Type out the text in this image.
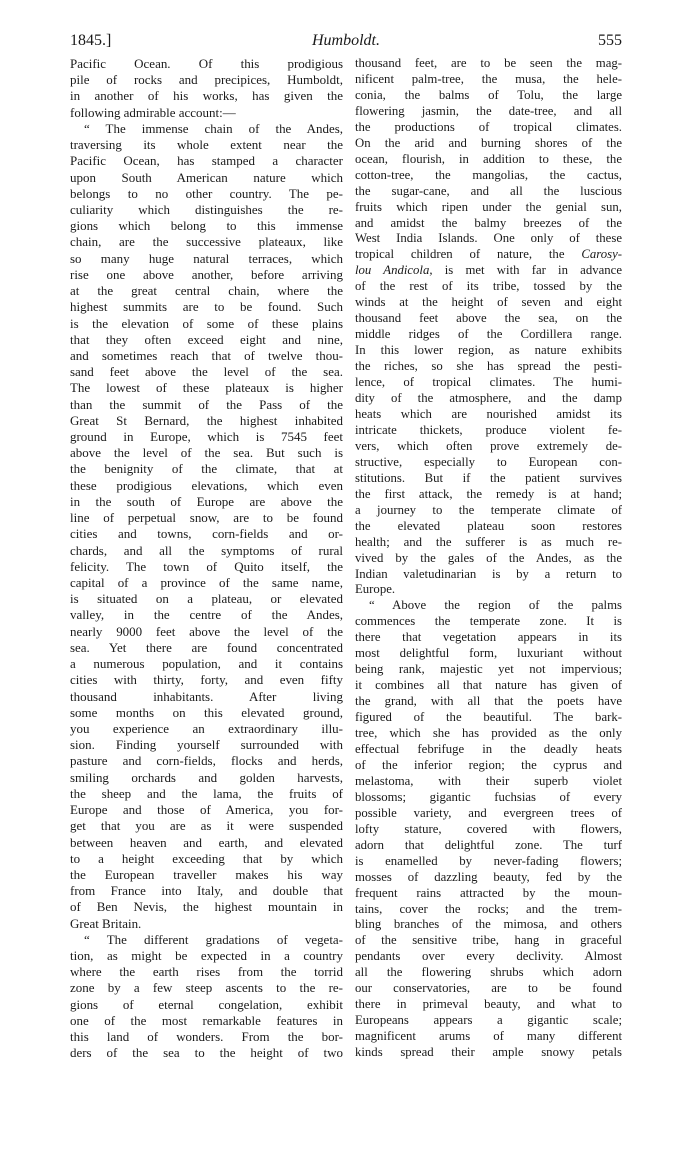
1845.]	Humboldt.	555
Pacific Ocean. Of this prodigious
pile of rocks and precipices, Humboldt,
in another of his works, has given the
following admirable account:—
“ The immense chain of the Andes,
traversing its whole extent near the
Pacific Ocean, has stamped a character
upon South American nature which
belongs to no other country. The pe-
culiarity which distinguishes the re-
gions which belong to this immense
chain, are the successive plateaux, like
so many huge natural terraces, which
rise one above another, before arriving
at the great central chain, where the
highest summits are to be found. Such
is the elevation of some of these plains
that they often exceed eight and nine,
and sometimes reach that of twelve thou-
sand feet above the level of the sea.
The lowest of these plateaux is higher
than the summit of the Pass of the
Great St Bernard, the highest inhabited
ground in Europe, which is 7545 feet
above the level of the sea. But such is
the benignity of the climate, that at
these prodigious elevations, which even
in the south of Europe are above the
line of perpetual snow, are to be found
cities and towns, corn-fields and or-
chards, and all the symptoms of rural
felicity. The town of Quito itself, the
capital of a province of the same name,
is situated on a plateau, or elevated
valley, in the centre of the Andes,
nearly 9000 feet above the level of the
sea. Yet there are found concentrated
a numerous population, and it contains
cities with thirty, forty, and even fifty
thousand inhabitants. After living
some months on this elevated ground,
you experience an extraordinary illu-
sion. Finding yourself surrounded with
pasture and corn-fields, flocks and herds,
smiling orchards and golden harvests,
the sheep and the lama, the fruits of
Europe and those of America, you for-
get that you are as it were suspended
between heaven and earth, and elevated
to a height exceeding that by which
the European traveller makes his way
from France into Italy, and double that
of Ben Nevis, the highest mountain in
Great Britain.
“ The different gradations of vegeta-
tion, as might be expected in a country
where the earth rises from the torrid
zone by a few steep ascents to the re-
gions of eternal congelation, exhibit
one of the most remarkable features in
this land of wonders. From the bor-
ders of the sea to the height of two
thousand feet, are to be seen the mag-
nificent palm-tree, the musa, the hele-
conia, the balms of Tolu, the large
flowering jasmin, the date-tree, and all
the productions of tropical climates.
On the arid and burning shores of the
ocean, flourish, in addition to these, the
cotton-tree, the mangolias, the cactus,
the sugar-cane, and all the luscious
fruits which ripen under the genial sun,
and amidst the balmy breezes of the
West India Islands. One only of these
tropical children of nature, the Carosy-
lou Andicola, is met with far in advance
of the rest of its tribe, tossed by the
winds at the height of seven and eight
thousand feet above the sea, on the
middle ridges of the Cordillera range.
In this lower region, as nature exhibits
the riches, so she has spread the pesti-
lence, of tropical climates. The humi-
dity of the atmosphere, and the damp
heats which are nourished amidst its
intricate thickets, produce violent fe-
vers, which often prove extremely de-
structive, especially to European con-
stitutions. But if the patient survives
the first attack, the remedy is at hand;
a journey to the temperate climate of
the elevated plateau soon restores
health; and the sufferer is as much re-
vived by the gales of the Andes, as the
Indian valetudinarian is by a return to
Europe.
“ Above the region of the palms
commences the temperate zone. It is
there that vegetation appears in its
most delightful form, luxuriant without
being rank, majestic yet not impervious;
it combines all that nature has given of
the grand, with all that the poets have
figured of the beautiful. The bark-
tree, which she has provided as the only
effectual febrifuge in the deadly heats
of the inferior region; the cyprus and
melastoma, with their superb violet
blossoms; gigantic fuchsias of every
possible variety, and evergreen trees of
lofty stature, covered with flowers,
adorn that delightful zone. The turf
is enamelled by never-fading flowers;
mosses of dazzling beauty, fed by the
frequent rains attracted by the moun-
tains, cover the rocks; and the trem-
bling branches of the mimosa, and others
of the sensitive tribe, hang in graceful
pendants over every declivity. Almost
all the flowering shrubs which adorn
our conservatories, are to be found
there in primeval beauty, and what to
Europeans appears a gigantic scale;
magnificent arums of many different
kinds spread their ample snowy petals
